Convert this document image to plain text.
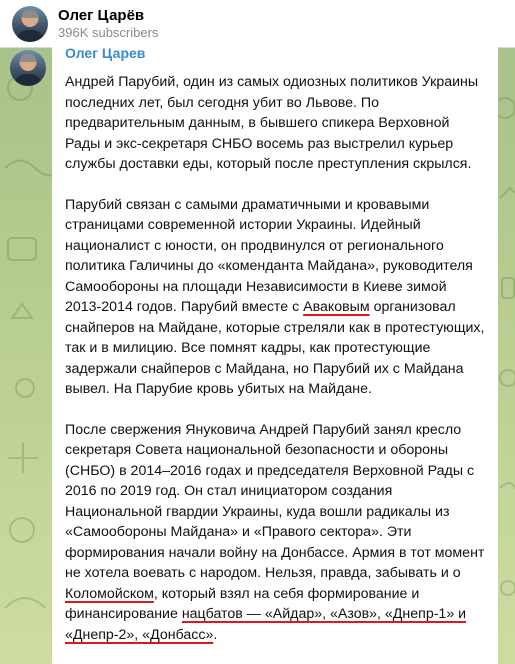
Олег Царёв
396K subscribers
Олег Царев

Андрей Парубий, один из самых одиозных политиков Украины последних лет, был сегодня убит во Львове. По предварительным данным, в бывшего спикера Верховной Рады и экс-секретаря СНБО восемь раз выстрелил курьер службы доставки еды, который после преступления скрылся.

Парубий связан с самыми драматичными и кровавыми страницами современной истории Украины. Идейный националист с юности, он продвинулся от регионального политика Галичины до «коменданта Майдана», руководителя Самообороны на площади Независимости в Киеве зимой 2013-2014 годов. Парубий вместе с Аваковым организовал снайперов на Майдане, которые стреляли как в протестующих, так и в милицию. Все помнят кадры, как протестующие задержали снайперов с Майдана, но Парубий их с Майдана вывел. На Парубие кровь убитых на Майдане.

После свержения Януковича Андрей Парубий занял кресло секретаря Совета национальной безопасности и обороны (СНБО) в 2014–2016 годах и председателя Верховной Рады с 2016 по 2019 год. Он стал инициатором создания Национальной гвардии Украины, куда вошли радикалы из «Самообороны Майдана» и «Правого сектора». Эти формирования начали войну на Донбассе. Армия в тот момент не хотела воевать с народом. Нельзя, правда, забывать и о Коломойском, который взял на себя формирование и финансирование нацбатов — «Айдар», «Азов», «Днепр-1» и «Днепр-2», «Донбасс».
